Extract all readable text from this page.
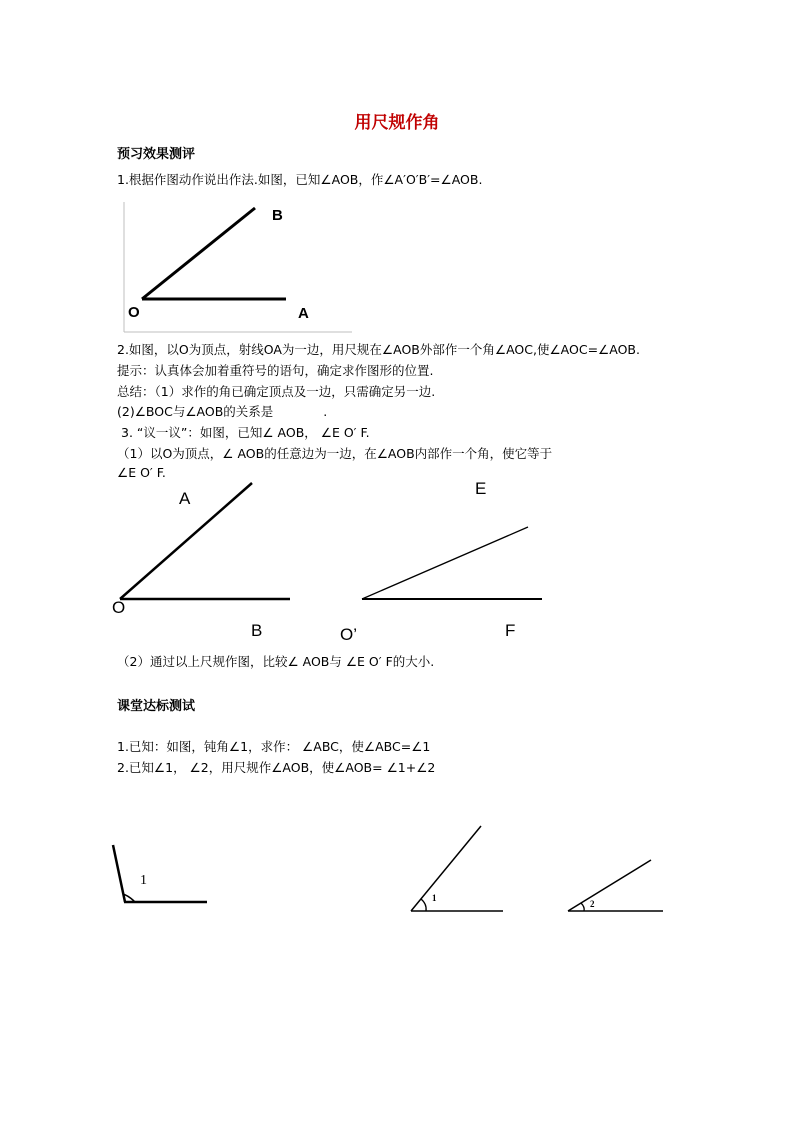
用尺规作角
预习效果测评
1.根据作图动作说出作法.如图，已知∠AOB，作∠A′O′B′=∠AOB.
B
O	A
2.如图，以O为顶点，射线OA为一边，用尺规在∠AOB外部作一个角∠AOC,使∠AOC=∠AOB.
提示：认真体会加着重符号的语句，确定求作图形的位置.
总结：（1）求作的角已确定顶点及一边，只需确定另一边.
(2)∠BOC与∠AOB的关系是　　　　.
3. “议一议”：如图，已知∠ AOB， ∠E O′ F.
（1）以O为顶点，∠ AOB的任意边为一边，在∠AOB内部作一个角，使它等于
∠E O′ F.
A
O
B
E
O’	F
（2）通过以上尺规作图，比较∠ AOB与 ∠E O′ F的大小.
课堂达标测试
1.已知：如图，钝角∠1，求作： ∠ABC，使∠ABC=∠1
2.已知∠1， ∠2，用尺规作∠AOB，使∠AOB= ∠1+∠2
1
1
2
